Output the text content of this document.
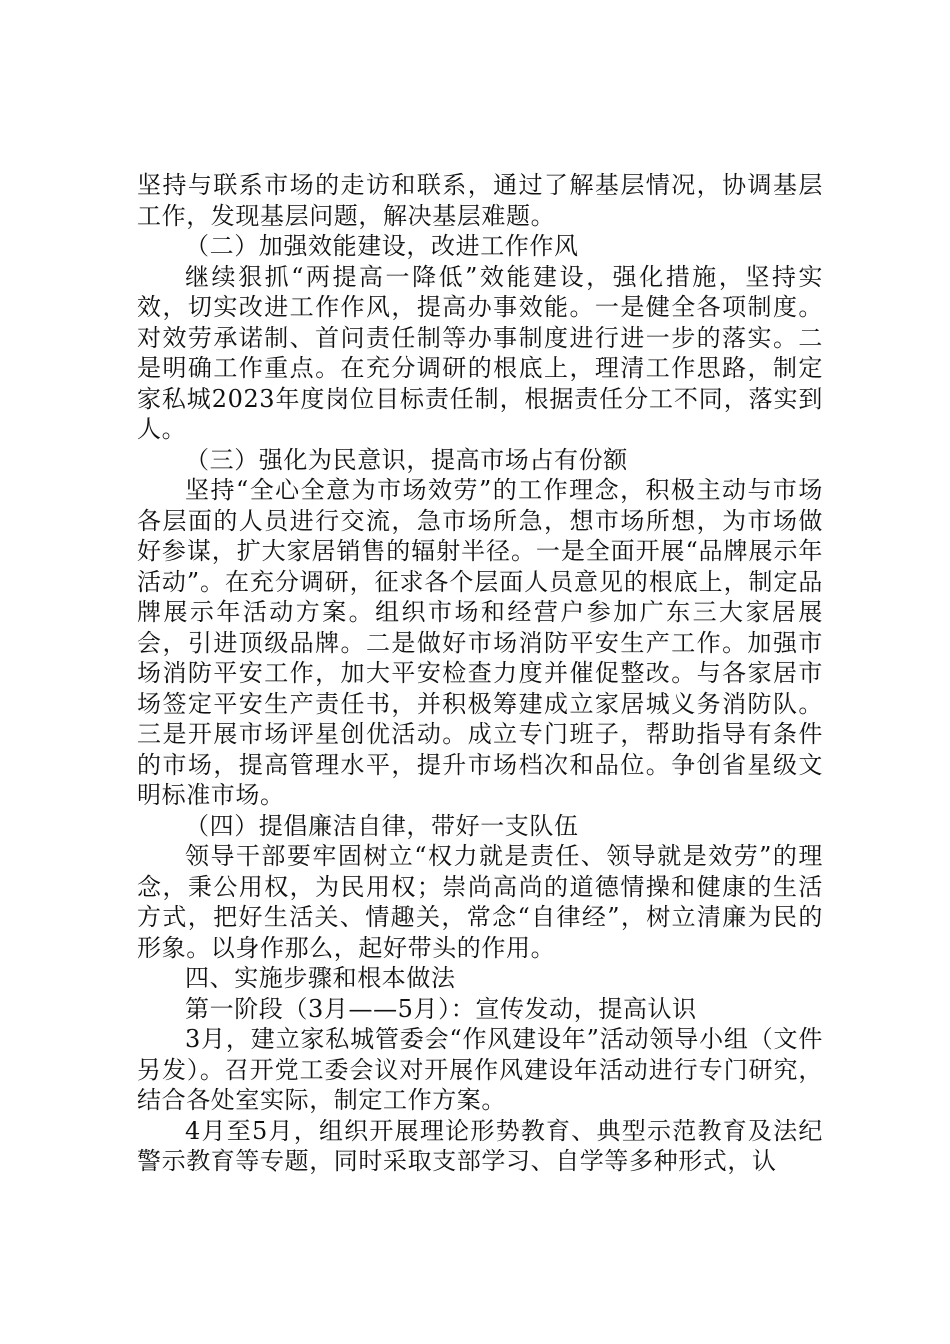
坚持与联系市场的走访和联系，通过了解基层情况，协调基层工作，发现基层问题，解决基层难题。

（二）加强效能建设，改进工作作风

继续狠抓“两提高一降低”效能建设，强化措施，坚持实效，切实改进工作作风，提高办事效能。一是健全各项制度。对效劳承诺制、首问责任制等办事制度进行进一步的落实。二是明确工作重点。在充分调研的根底上，理清工作思路，制定家私城2023年度岗位目标责任制，根据责任分工不同，落实到人。

（三）强化为民意识，提高市场占有份额

坚持“全心全意为市场效劳”的工作理念，积极主动与市场各层面的人员进行交流，急市场所急，想市场所想，为市场做好参谋，扩大家居销售的辐射半径。一是全面开展“品牌展示年活动”。在充分调研，征求各个层面人员意见的根底上，制定品牌展示年活动方案。组织市场和经营户参加广东三大家居展会，引进顶级品牌。二是做好市场消防平安生产工作。加强市场消防平安工作，加大平安检查力度并催促整改。与各家居市场签定平安生产责任书，并积极筹建成立家居城义务消防队。三是开展市场评星创优活动。成立专门班子，帮助指导有条件的市场，提高管理水平，提升市场档次和品位。争创省星级文明标准市场。

（四）提倡廉洁自律，带好一支队伍

领导干部要牢固树立“权力就是责任、领导就是效劳”的理念，秉公用权，为民用权；崇尚高尚的道德情操和健康的生活方式，把好生活关、情趣关，常念“自律经”，树立清廉为民的形象。以身作那么，起好带头的作用。

四、实施步骤和根本做法

第一阶段（3月——5月）：宣传发动，提高认识

3月，建立家私城管委会“作风建设年”活动领导小组（文件另发）。召开党工委会议对开展作风建设年活动进行专门研究，结合各处室实际，制定工作方案。

4月至5月，组织开展理论形势教育、典型示范教育及法纪警示教育等专题，同时采取支部学习、自学等多种形式，认
